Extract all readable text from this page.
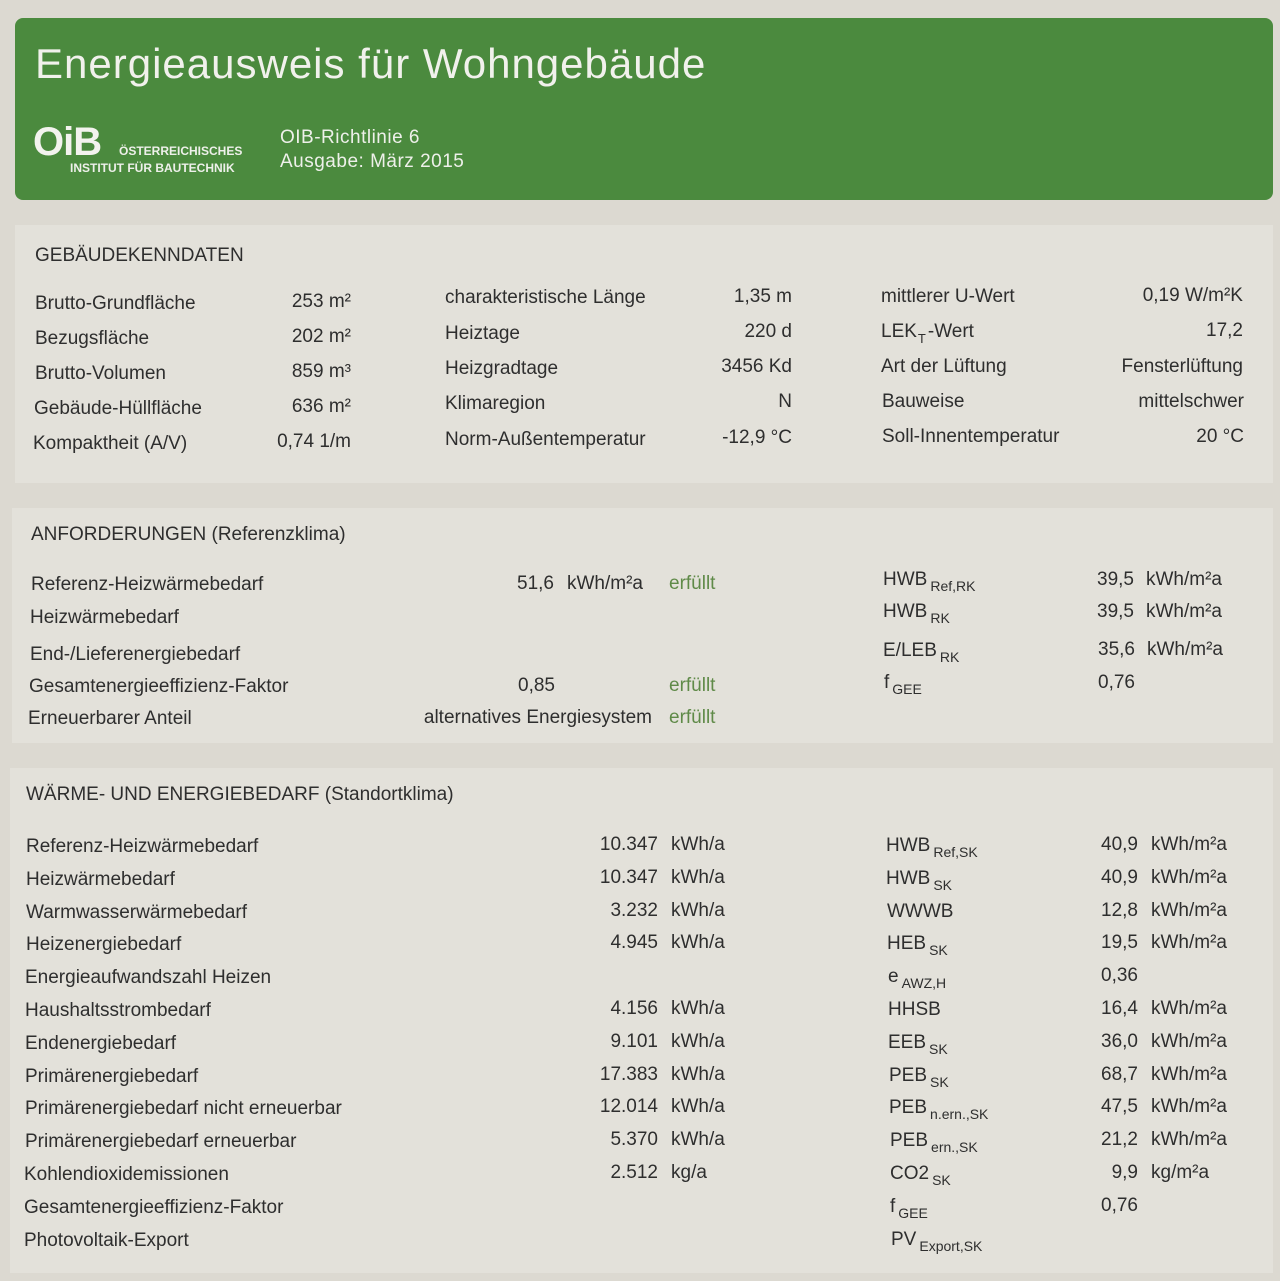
Energieausweis für Wohngebäude
OiB ÖSTERREICHISCHES
INSTITUT FÜR BAUTECHNIK
OIB-Richtlinie 6
Ausgabe: März 2015
GEBÄUDEKENNDATEN
Brutto-Grundfläche	253 m²
Bezugsfläche	202 m²
Brutto-Volumen	859 m³
Gebäude-Hüllfläche	636 m²
Kompaktheit (A/V)	0,74 1/m
charakteristische Länge	1,35 m
Heiztage	220 d
Heizgradtage	3456 Kd
Klimaregion	N
Norm-Außentemperatur	-12,9 °C
mittlerer U-Wert	0,19 W/m²K
$LEK_T$ -Wert	17,2
Art der Lüftung	Fensterlüftung
Bauweise	mittelschwer
Soll-Innentemperatur	20 °C
ANFORDERUNGEN (Referenzklima)
Referenz-Heizwärmebedarf	51,6 kWh/m²a erfüllt	HWB $_{Ref,RK}$	39,5 kWh/m²a
Heizwärmebedarf	HWB $_{RK}$	39,5 kWh/m²a
End-/Lieferenergiebedarf	E/LEB $_{RK}$	35,6 kWh/m²a
Gesamtenergieeffizienz-Faktor	0,85	erfüllt	f $_{GEE}$	0,76
Erneuerbarer Anteil	alternatives Energiesystem erfüllt
WÄRME- UND ENERGIEBEDARF (Standortklima)
Referenz-Heizwärmebedarf	10.347 kWh/a	HWB $_{Ref,SK}$	40,9 kWh/m²a
Heizwärmebedarf	10.347 kWh/a	HWB $_{SK}$	40,9 kWh/m²a
Warmwasserwärmebedarf	3.232 kWh/a	WWWB	12,8 kWh/m²a
Heizenergiebedarf	4.945 kWh/a	HEB $_{SK}$	19,5 kWh/m²a
Energieaufwandszahl Heizen	e $_{AWZ,H}$	0,36
Haushaltsstrombedarf	4.156 kWh/a	HHSB	16,4 kWh/m²a
Endenergiebedarf	9.101 kWh/a	EEB $_{SK}$	36,0 kWh/m²a
Primärenergiebedarf	17.383 kWh/a	PEB $_{SK}$	68,7 kWh/m²a
Primärenergiebedarf nicht erneuerbar	12.014 kWh/a	PEB $_{n.ern.,SK}$	47,5 kWh/m²a
Primärenergiebedarf erneuerbar	5.370 kWh/a	PEB $_{ern.,SK}$	21,2 kWh/m²a
Kohlendioxidemissionen	2.512 kg/a	CO2 $_{SK}$	9,9 kg/m²a
Gesamtenergieeffizienz-Faktor	f $_{GEE}$	0,76
Photovoltaik-Export	PV $_{Export,SK}$
